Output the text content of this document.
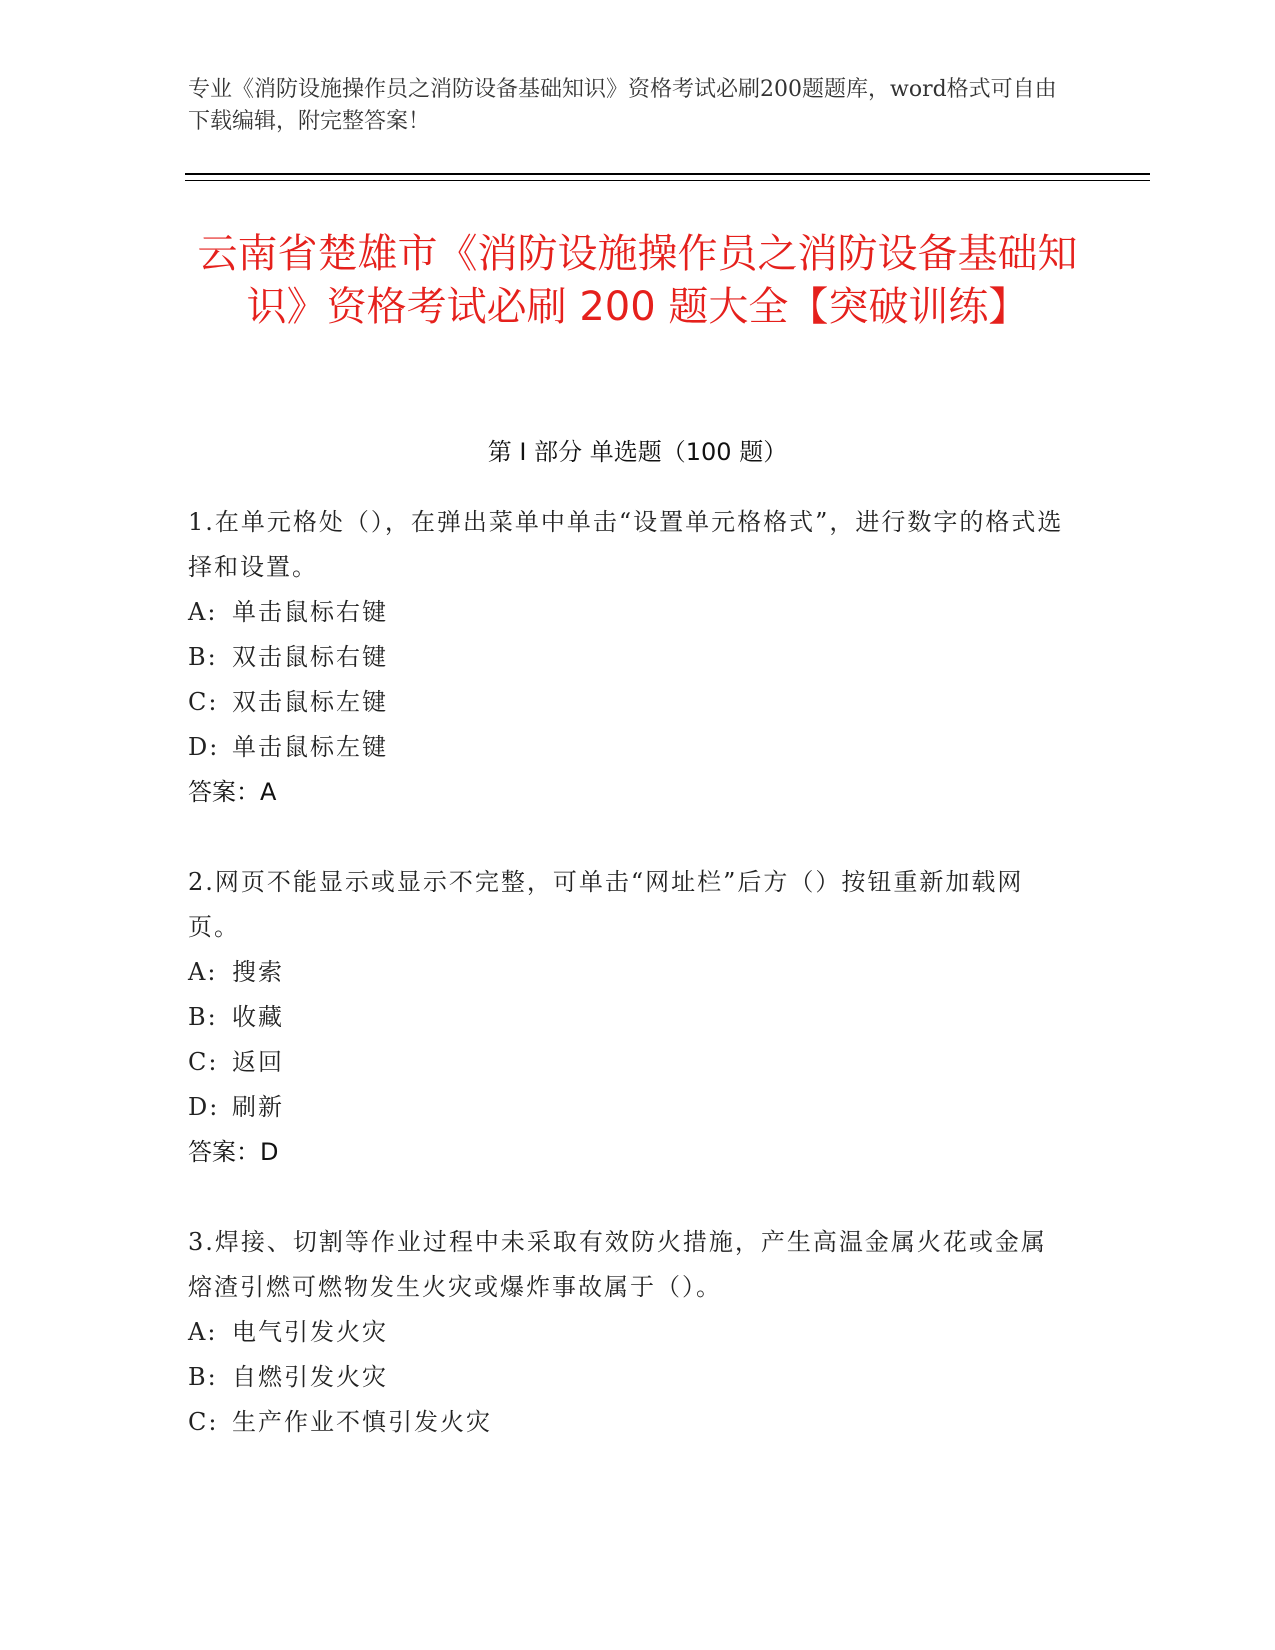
专业《消防设施操作员之消防设备基础知识》资格考试必刷200题题库，word格式可自由下载编辑，附完整答案！
云南省楚雄市《消防设施操作员之消防设备基础知识》资格考试必刷 200 题大全【突破训练】
第 I 部分 单选题（100 题）
1.在单元格处（），在弹出菜单中单击“设置单元格格式”，进行数字的格式选择和设置。
A: 单击鼠标右键
B: 双击鼠标右键
C: 双击鼠标左键
D: 单击鼠标左键
答案：A
2.网页不能显示或显示不完整，可单击“网址栏”后方（）按钮重新加载网页。
A: 搜索
B: 收藏
C: 返回
D: 刷新
答案：D
3.焊接、切割等作业过程中未采取有效防火措施，产生高温金属火花或金属熔渣引燃可燃物发生火灾或爆炸事故属于（）。
A: 电气引发火灾
B: 自燃引发火灾
C: 生产作业不慎引发火灾
